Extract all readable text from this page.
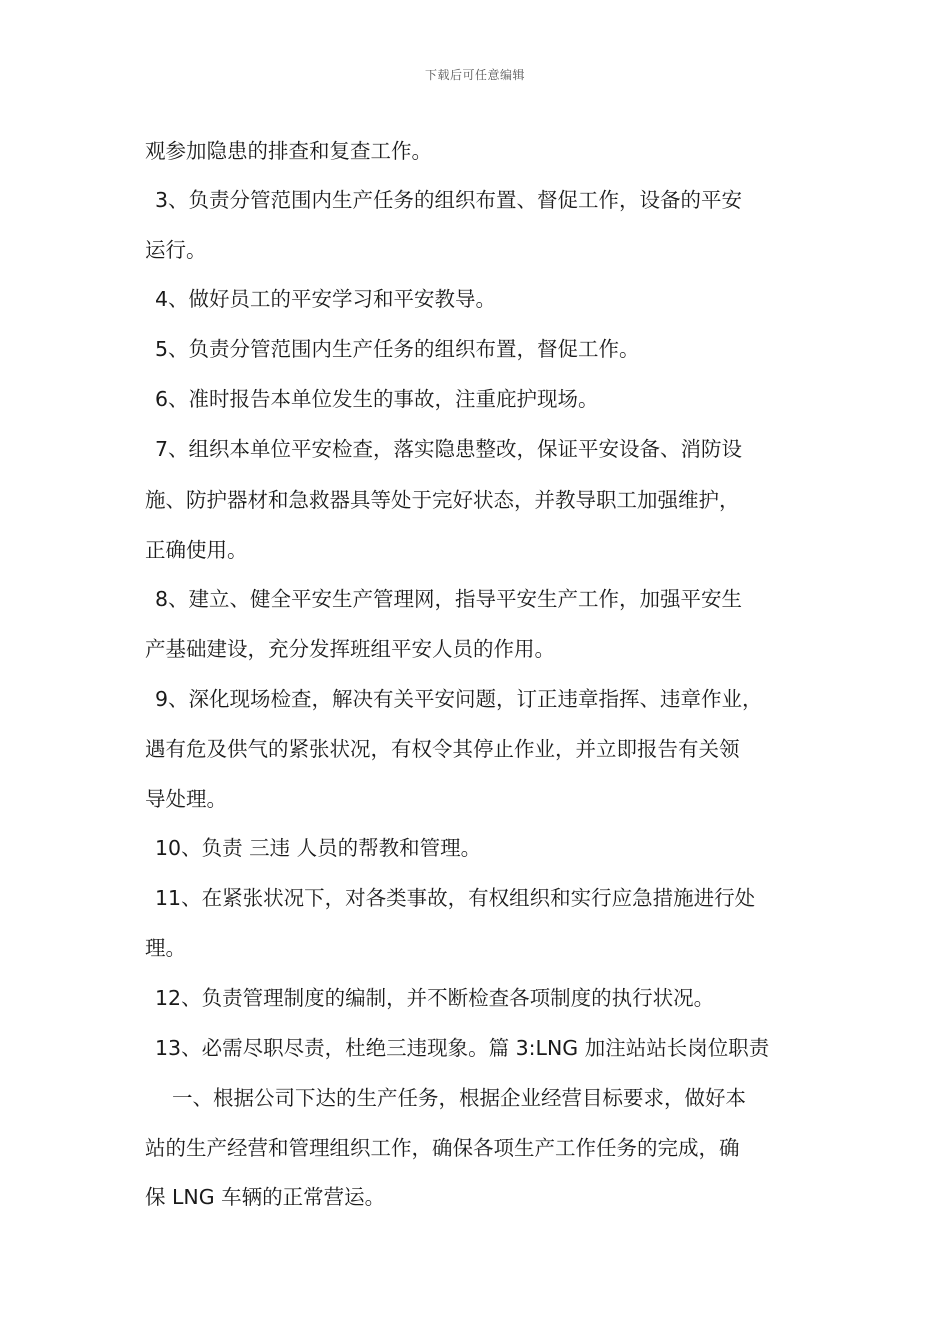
下载后可任意编辑
观参加隐患的排查和复查工作。
3、负责分管范围内生产任务的组织布置、督促工作，设备的平安
运行。
4、做好员工的平安学习和平安教导。
5、负责分管范围内生产任务的组织布置，督促工作。
6、准时报告本单位发生的事故，注重庇护现场。
7、组织本单位平安检查，落实隐患整改，保证平安设备、消防设
施、防护器材和急救器具等处于完好状态，并教导职工加强维护，
正确使用。
8、建立、健全平安生产管理网，指导平安生产工作，加强平安生
产基础建设，充分发挥班组平安人员的作用。
9、深化现场检查，解决有关平安问题，订正违章指挥、违章作业，
遇有危及供气的紧张状况，有权令其停止作业，并立即报告有关领
导处理。
10、负责 三违 人员的帮教和管理。
11、在紧张状况下，对各类事故，有权组织和实行应急措施进行处
理。
12、负责管理制度的编制，并不断检查各项制度的执行状况。
13、必需尽职尽责，杜绝三违现象。篇 3:LNG 加注站站长岗位职责
一、根据公司下达的生产任务，根据企业经营目标要求，做好本
站的生产经营和管理组织工作，确保各项生产工作任务的完成，确
保 LNG 车辆的正常营运。
